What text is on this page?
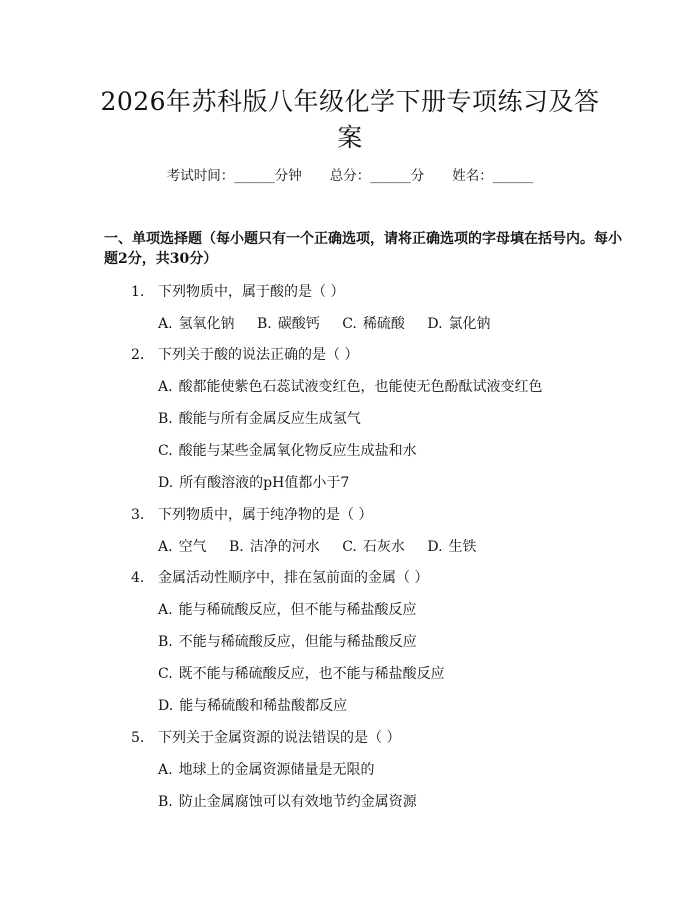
2026年苏科版八年级化学下册专项练习及答案
考试时间：______分钟 总分：______分 姓名：______
一、单项选择题（每小题只有一个正确选项，请将正确选项的字母填在括号内。每小题2分，共30分）
1. 下列物质中，属于酸的是（ ）
A. 氢氧化钠 B. 碳酸钙 C. 稀硫酸 D. 氯化钠
2. 下列关于酸的说法正确的是（ ）
A. 酸都能使紫色石蕊试液变红色，也能使无色酚酞试液变红色
B. 酸能与所有金属反应生成氢气
C. 酸能与某些金属氧化物反应生成盐和水
D. 所有酸溶液的pH值都小于7
3. 下列物质中，属于纯净物的是（ ）
A. 空气 B. 洁净的河水 C. 石灰水 D. 生铁
4. 金属活动性顺序中，排在氢前面的金属（ ）
A. 能与稀硫酸反应，但不能与稀盐酸反应
B. 不能与稀硫酸反应，但能与稀盐酸反应
C. 既不能与稀硫酸反应，也不能与稀盐酸反应
D. 能与稀硫酸和稀盐酸都反应
5. 下列关于金属资源的说法错误的是（ ）
A. 地球上的金属资源储量是无限的
B. 防止金属腐蚀可以有效地节约金属资源
